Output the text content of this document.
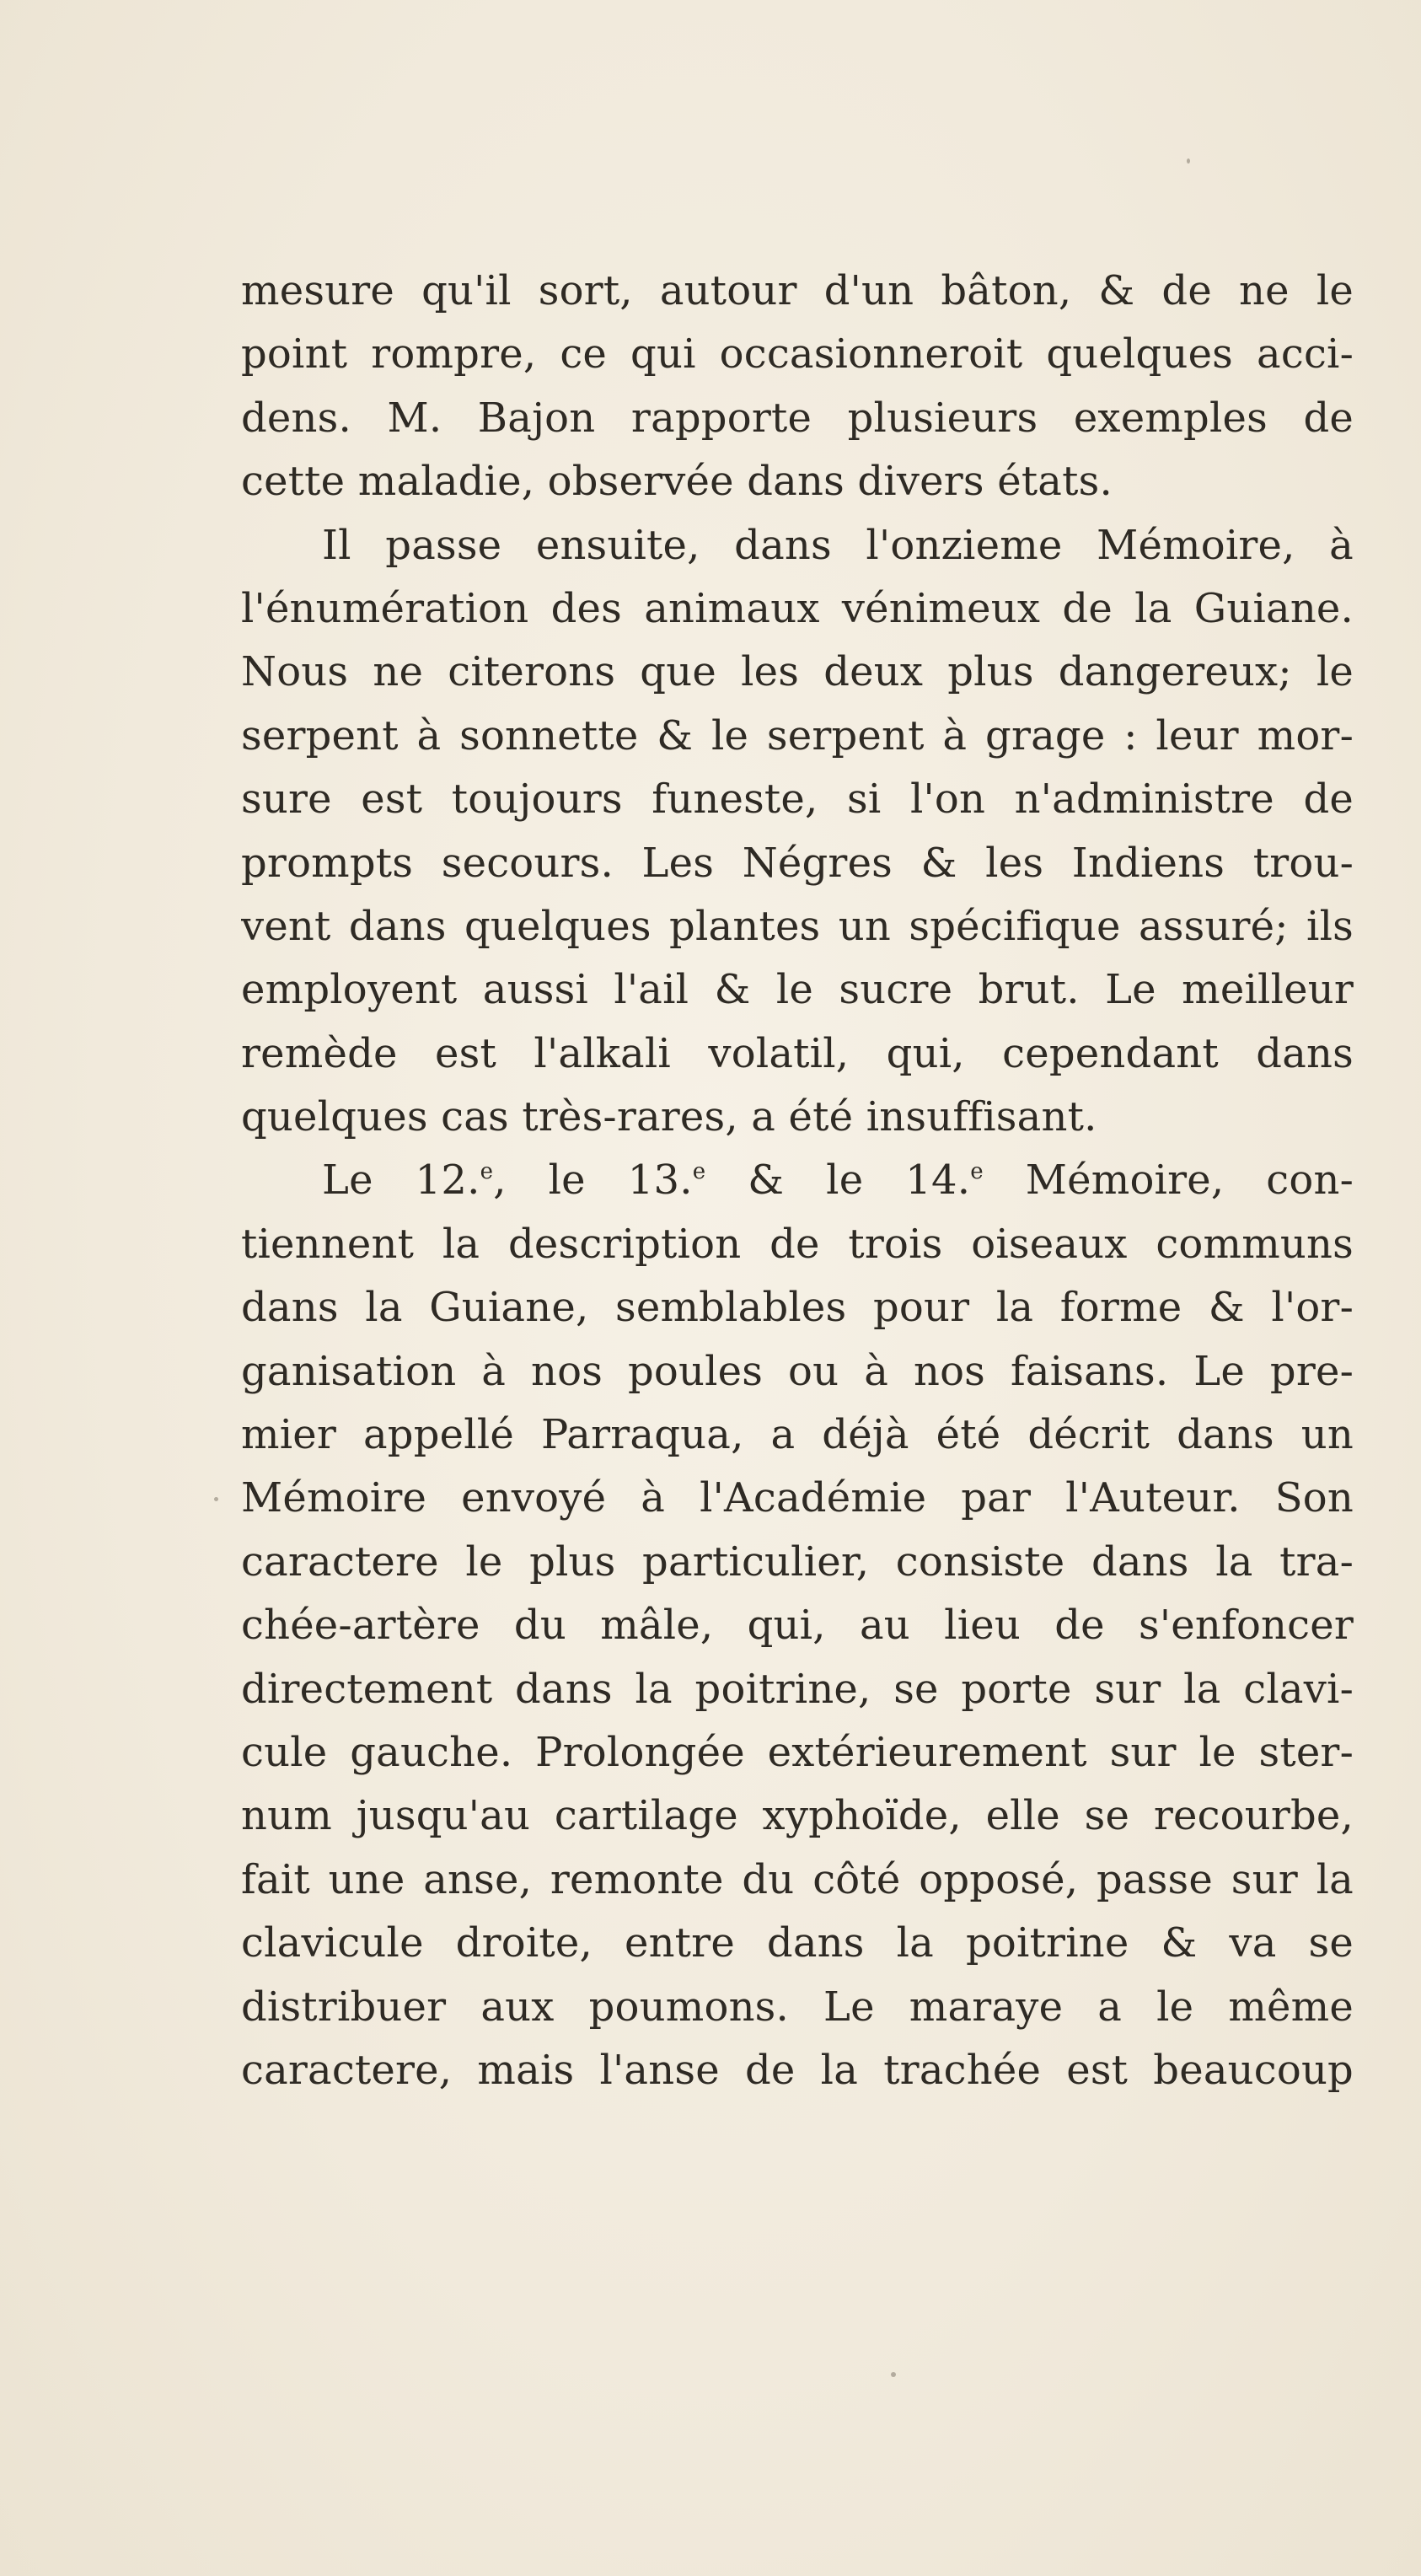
mesure qu'il sort, autour d'un bâton, & de ne le
point rompre, ce qui occasionneroit quelques acci-
dens. M. Bajon rapporte plusieurs exemples de
cette maladie, observée dans divers états.
Il passe ensuite, dans l'onzieme Mémoire, à
l'énumération des animaux vénimeux de la Guiane.
Nous ne citerons que les deux plus dangereux; le
serpent à sonnette & le serpent à grage : leur mor-
sure est toujours funeste, si l'on n'administre de
prompts secours. Les Négres & les Indiens trou-
vent dans quelques plantes un spécifique assuré; ils
employent aussi l'ail & le sucre brut. Le meilleur
remède est l'alkali volatil, qui, cependant dans
quelques cas très-rares, a été insuffisant.
Le 12.$^e$, le 13.$^e$ & le 14.$^e$ Mémoire, con-
tiennent la description de trois oiseaux communs
dans la Guiane, semblables pour la forme & l'or-
ganisation à nos poules ou à nos faisans. Le pre-
mier appellé Parraqua, a déjà été décrit dans un
Mémoire envoyé à l'Académie par l'Auteur. Son
caractere le plus particulier, consiste dans la tra-
chée-artère du mâle, qui, au lieu de s'enfoncer
directement dans la poitrine, se porte sur la clavi-
cule gauche. Prolongée extérieurement sur le ster-
num jusqu'au cartilage xyphoïde, elle se recourbe,
fait une anse, remonte du côté opposé, passe sur la
clavicule droite, entre dans la poitrine & va se
distribuer aux poumons. Le maraye a le même
caractere, mais l'anse de la trachée est beaucoup
